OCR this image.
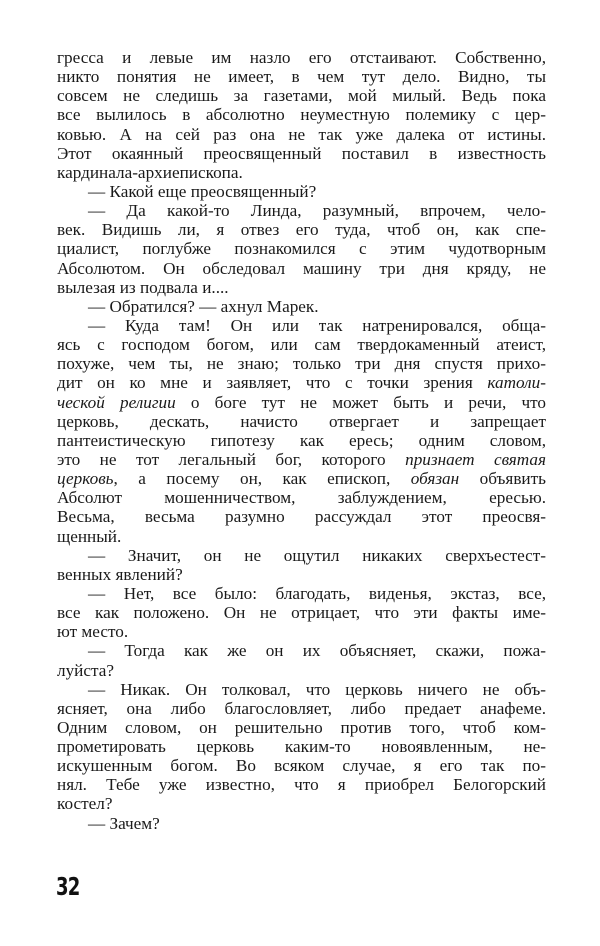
гресса и левые им назло его отстаивают. Собственно,
никто понятия не имеет, в чем тут дело. Видно, ты
совсем не следишь за газетами, мой милый. Ведь пока
все вылилось в абсолютно неуместную полемику с цер-
ковью. А на сей раз она не так уже далека от истины.
Этот окаянный преосвященный поставил в известность
кардинала-архиепископа.
— Какой еще преосвященный?
— Да какой-то Линда, разумный, впрочем, чело-
век. Видишь ли, я отвез его туда, чтоб он, как спе-
циалист, поглубже познакомился с этим чудотворным
Абсолютом. Он обследовал машину три дня кряду, не
вылезая из подвала и....
— Обратился? — ахнул Марек.
— Куда там! Он или так натренировался, обща-
ясь с господом богом, или сам твердокаменный атеист,
похуже, чем ты, не знаю; только три дня спустя прихо-
дит он ко мне и заявляет, что с точки зрения католи-
ческой религии о боге тут не может быть и речи, что
церковь, дескать, начисто отвергает и запрещает
пантеистическую гипотезу как ересь; одним словом,
это не тот легальный бог, которого признает святая
церковь, а посему он, как епископ, обязан объявить
Абсолют мошенничеством, заблуждением, ересью.
Весьма, весьма разумно рассуждал этот преосвя-
щенный.
— Значит, он не ощутил никаких сверхъестест-
венных явлений?
— Нет, все было: благодать, виденья, экстаз, все,
все как положено. Он не отрицает, что эти факты име-
ют место.
— Тогда как же он их объясняет, скажи, пожа-
луйста?
— Никак. Он толковал, что церковь ничего не объ-
ясняет, она либо благословляет, либо предает анафеме.
Одним словом, он решительно против того, чтоб ком-
прометировать церковь каким-то новоявленным, не-
искушенным богом. Во всяком случае, я его так по-
нял. Тебе уже известно, что я приобрел Белогорский
костел?
— Зачем?
32
